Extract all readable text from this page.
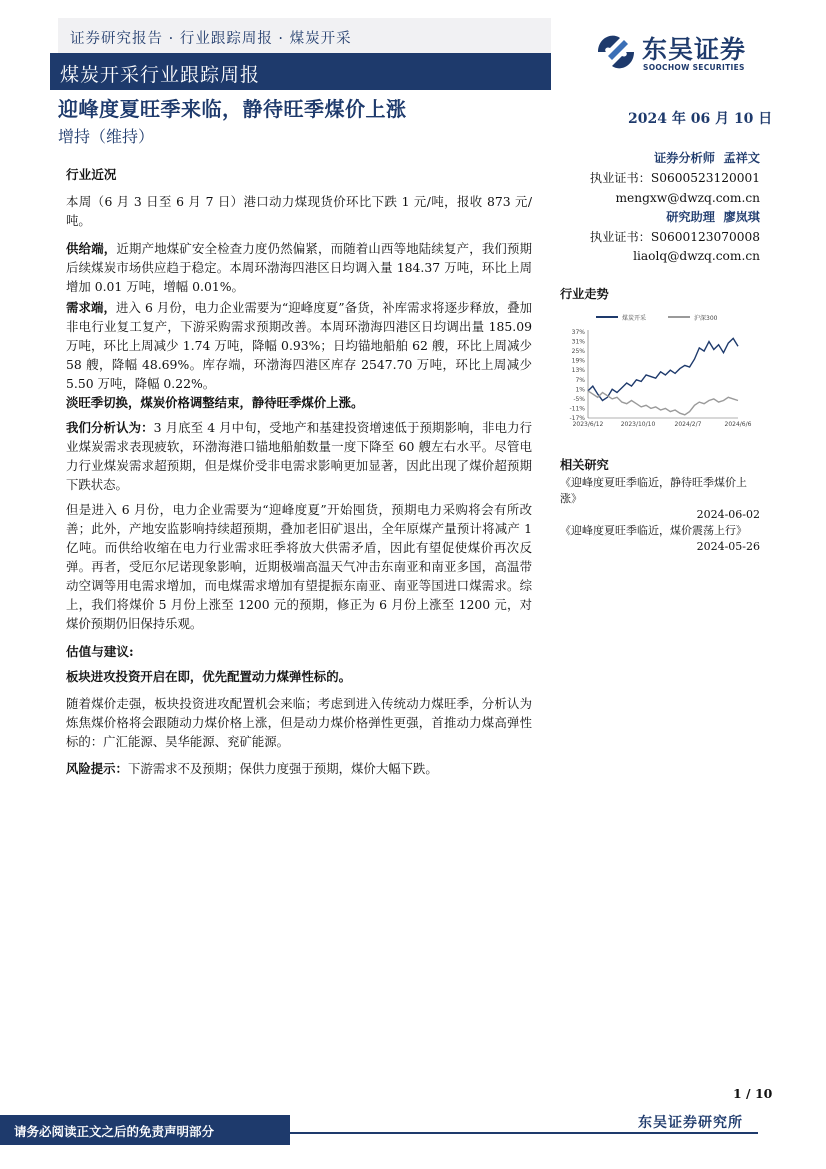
证券研究报告 · 行业跟踪周报 · 煤炭开采
煤炭开采行业跟踪周报
东吴证券
SOOCHOW SECURITIES
迎峰度夏旺季来临，静待旺季煤价上涨
增持（维持）
2024 年 06 月 10 日
行业近况
本周（6 月 3 日至 6 月 7 日）港口动力煤现货价环比下跌 1 元/吨，报收 873 元/吨。
供给端，近期产地煤矿安全检查力度仍然偏紧，而随着山西等地陆续复产，我们预期后续煤炭市场供应趋于稳定。本周环渤海四港区日均调入量 184.37 万吨，环比上周增加 0.01 万吨，增幅 0.01%。
需求端，进入 6 月份，电力企业需要为“迎峰度夏”备货，补库需求将逐步释放，叠加非电行业复工复产，下游采购需求预期改善。本周环渤海四港区日均调出量 185.09 万吨，环比上周减少 1.74 万吨，降幅 0.93%；日均锚地船舶 62 艘，环比上周减少 58 艘，降幅 48.69%。库存端，环渤海四港区库存 2547.70 万吨，环比上周减少 5.50 万吨，降幅 0.22%。
淡旺季切换，煤炭价格调整结束，静待旺季煤价上涨。
我们分析认为：3 月底至 4 月中旬，受地产和基建投资增速低于预期影响，非电力行业煤炭需求表现疲软，环渤海港口锚地船舶数量一度下降至 60 艘左右水平。尽管电力行业煤炭需求超预期，但是煤价受非电需求影响更加显著，因此出现了煤价超预期下跌状态。
但是进入 6 月份，电力企业需要为“迎峰度夏”开始囤货，预期电力采购将会有所改善；此外，产地安监影响持续超预期，叠加老旧矿退出，全年原煤产量预计将减产 1 亿吨。而供给收缩在电力行业需求旺季将放大供需矛盾，因此有望促使煤价再次反弹。再者，受厄尔尼诺现象影响，近期极端高温天气冲击东南亚和南亚多国，高温带动空调等用电需求增加，而电煤需求增加有望提振东南亚、南亚等国进口煤需求。综上，我们将煤价 5 月份上涨至 1200 元的预期，修正为 6 月份上涨至 1200 元，对煤价预期仍旧保持乐观。
估值与建议:
板块进攻投资开启在即，优先配置动力煤弹性标的。
随着煤价走强，板块投资进攻配置机会来临；考虑到进入传统动力煤旺季，分析认为炼焦煤价格将会跟随动力煤价格上涨，但是动力煤价格弹性更强，首推动力煤高弹性标的：广汇能源、昊华能源、兖矿能源。
风险提示：下游需求不及预期；保供力度强于预期，煤价大幅下跌。
证券分析师 孟祥文
执业证书：S0600523120001
mengxw@dwzq.com.cn
研究助理 廖岚琪
执业证书：S0600123070008
liaolq@dwzq.com.cn
行业走势
煤炭开采	沪深300
37%
31%
25%
19%
13%
7%
1%
-5%
-11%
-17%
2023/6/12	2023/10/10	2024/2/7	2024/6/6
相关研究
《迎峰度夏旺季临近，静待旺季煤价上涨》
2024-06-02
《迎峰度夏旺季临近，煤价震荡上行》
2024-05-26
1 / 10
请务必阅读正文之后的免责声明部分
东吴证券研究所
